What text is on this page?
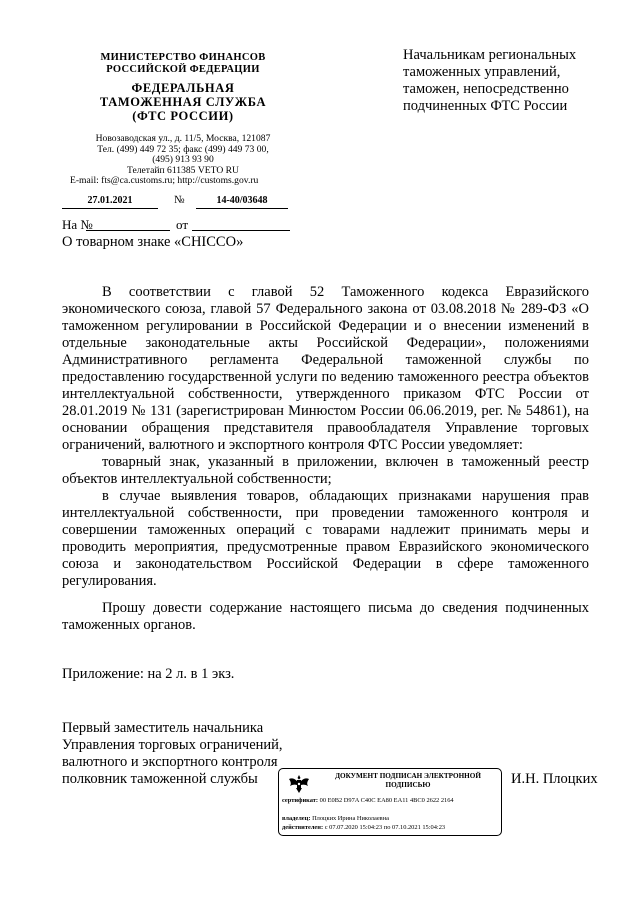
МИНИСТЕРСТВО ФИНАНСОВ
РОССИЙСКОЙ ФЕДЕРАЦИИ
ФЕДЕРАЛЬНАЯ
ТАМОЖЕННАЯ СЛУЖБА
(ФТС РОССИИ)
Новозаводская ул., д. 11/5, Москва, 121087
Тел. (499) 449 72 35; факс (499) 449 73 00,
(495) 913 93 90
Телетайп 611385 VETO RU
E-mail: fts@ca.customs.ru; http://customs.gov.ru
27.01.2021	№	14-40/03648
На №	от
О товарном знаке «CHICCO»
Начальникам региональных
таможенных управлений,
таможен, непосредственно
подчиненных ФТС России

В соответствии с главой 52 Таможенного кодекса Евразийского экономического союза, главой 57 Федерального закона от 03.08.2018 № 289-ФЗ «О таможенном регулировании в Российской Федерации и о внесении изменений в отдельные законодательные акты Российской Федерации», положениями Административного регламента Федеральной таможенной службы по предоставлению государственной услуги по ведению таможенного реестра объектов интеллектуальной собственности, утвержденного приказом ФТС России от 28.01.2019 № 131 (зарегистрирован Минюстом России 06.06.2019, рег. № 54861), на основании обращения представителя правообладателя Управление торговых ограничений, валютного и экспортного контроля ФТС России уведомляет:

товарный знак, указанный в приложении, включен в таможенный реестр объектов интеллектуальной собственности;

в случае выявления товаров, обладающих признаками нарушения прав интеллектуальной собственности, при проведении таможенного контроля и совершении таможенных операций с товарами надлежит принимать меры и проводить мероприятия, предусмотренные правом Евразийского экономического союза и законодательством Российской Федерации в сфере таможенного регулирования.

Прошу довести содержание настоящего письма до сведения подчиненных таможенных органов.

Приложение: на 2 л. в 1 экз.
Первый заместитель начальника
Управления торговых ограничений,
валютного и экспортного контроля
полковник таможенной службы	ДОКУМЕНТ ПОДПИСАН ЭЛЕКТРОННОЙ
ПОДПИСЬЮ
сертификат: 00 E0B2 D97A C40C EA80 EA11 4BC0 2622 2164
владелец: Плоцких Ирина Николаевна
действителен: с 07.07.2020 15:04:23 по 07.10.2021 15:04:23
И.Н. Плоцких
